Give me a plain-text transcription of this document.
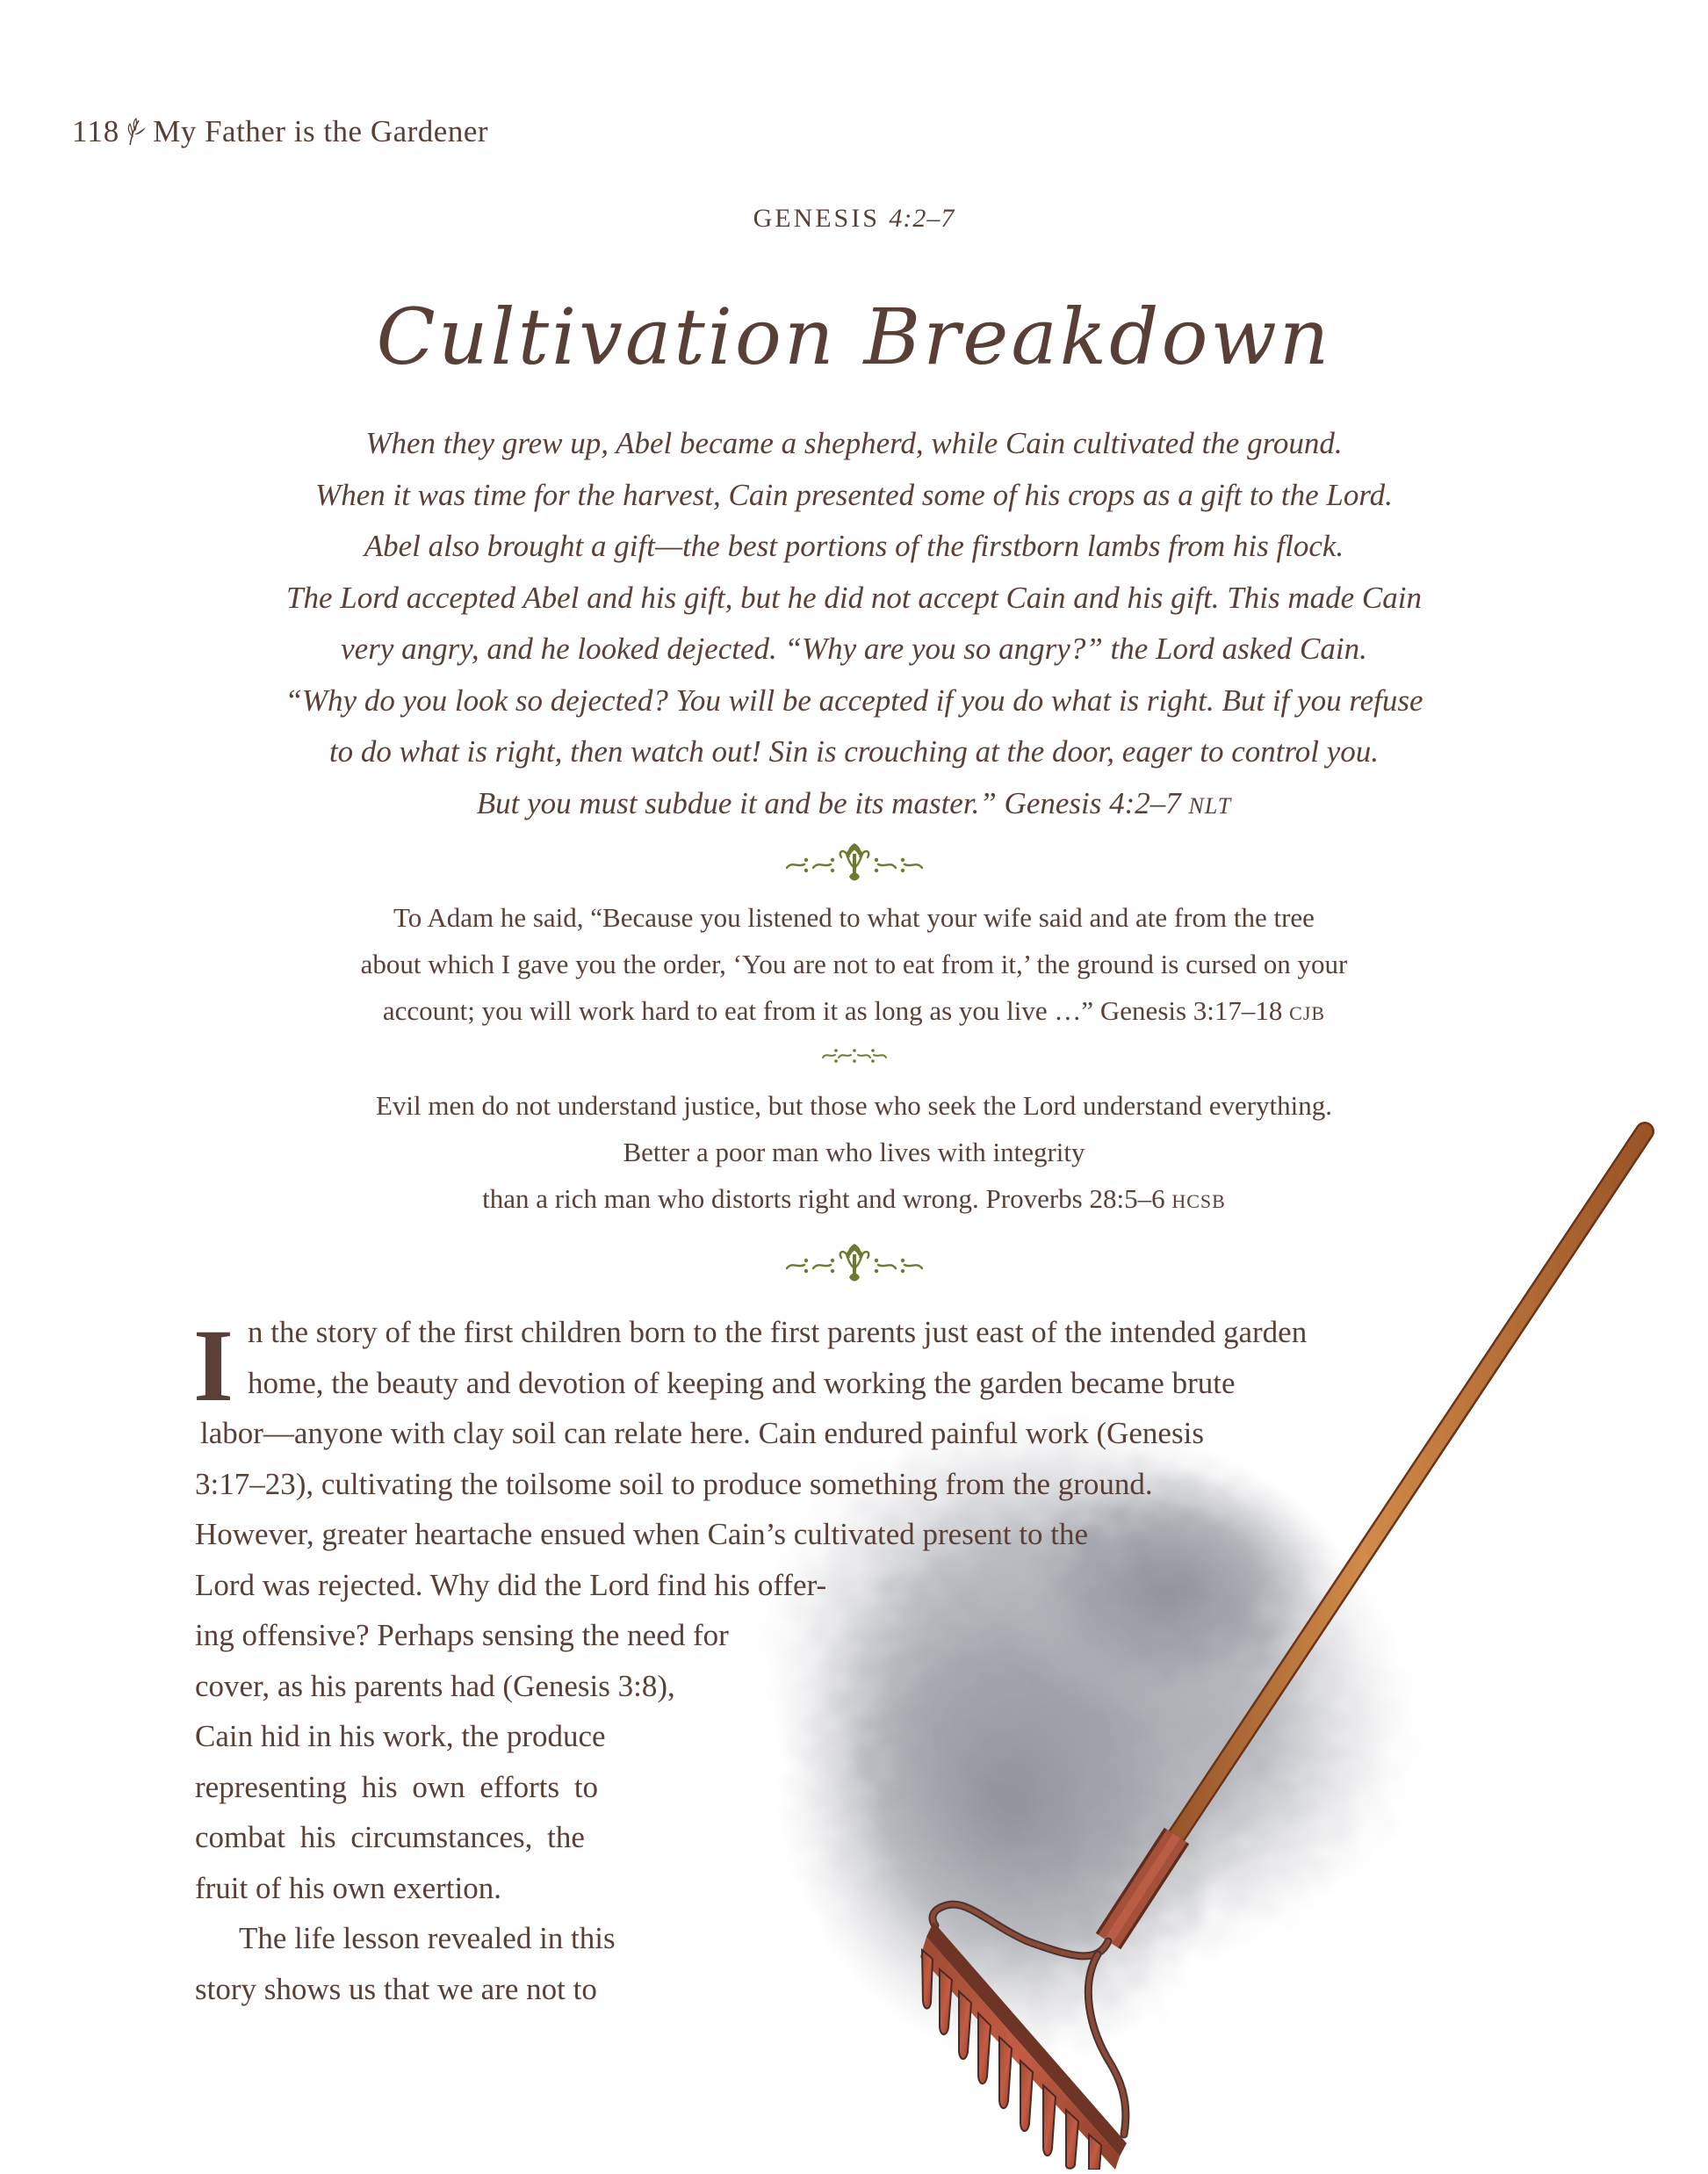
118 My Father is the Gardener
GENESIS 4:2–7
Cultivation Breakdown
When they grew up, Abel became a shepherd, while Cain cultivated the ground.
When it was time for the harvest, Cain presented some of his crops as a gift to the Lord.
Abel also brought a gift—the best portions of the firstborn lambs from his flock.
The Lord accepted Abel and his gift, but he did not accept Cain and his gift. This made Cain
very angry, and he looked dejected. “Why are you so angry?” the Lord asked Cain.
“Why do you look so dejected? You will be accepted if you do what is right. But if you refuse
to do what is right, then watch out! Sin is crouching at the door, eager to control you.
But you must subdue it and be its master.” Genesis 4:2–7 NLT
To Adam he said, “Because you listened to what your wife said and ate from the tree
about which I gave you the order, ‘You are not to eat from it,’ the ground is cursed on your
account; you will work hard to eat from it as long as you live …” Genesis 3:17–18 CJB
Evil men do not understand justice, but those who seek the Lord understand everything.
Better a poor man who lives with integrity
than a rich man who distorts right and wrong. Proverbs 28:5–6 HCSB
I n the story of the first children born to the first parents just east of the intended garden
home, the beauty and devotion of keeping and working the garden became brute
labor—anyone with clay soil can relate here. Cain endured painful work (Genesis
3:17–23), cultivating the toilsome soil to produce something from the ground.
However, greater heartache ensued when Cain’s cultivated present to the
Lord was rejected. Why did the Lord find his offer-
ing offensive? Perhaps sensing the need for
cover, as his parents had (Genesis 3:8),
Cain hid in his work, the produce
representing his own efforts to
combat his circumstances, the
fruit of his own exertion.
The life lesson revealed in this
story shows us that we are not to
